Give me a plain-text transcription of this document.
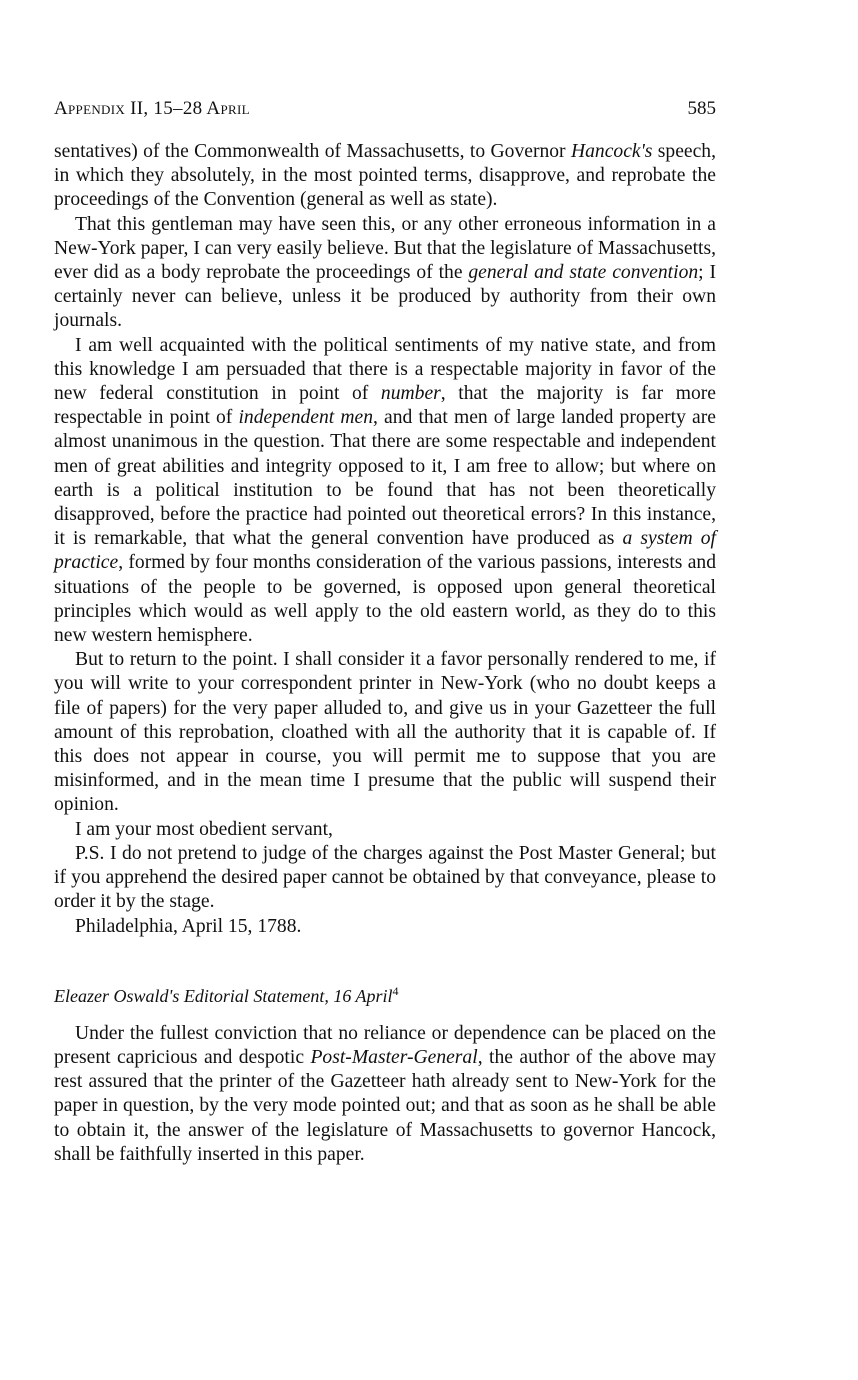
Appendix II, 15–28 April	585

sentatives) of the Commonwealth of Massachusetts, to Governor Hancock's speech, in which they absolutely, in the most pointed terms, disapprove, and reprobate the proceedings of the Convention (general as well as state).

That this gentleman may have seen this, or any other erroneous information in a New-York paper, I can very easily believe. But that the legislature of Massachusetts, ever did as a body reprobate the proceedings of the general and state convention; I certainly never can believe, unless it be produced by authority from their own journals.

I am well acquainted with the political sentiments of my native state, and from this knowledge I am persuaded that there is a respectable majority in favor of the new federal constitution in point of number, that the majority is far more respectable in point of independent men, and that men of large landed property are almost unanimous in the question. That there are some respectable and independent men of great abilities and integrity opposed to it, I am free to allow; but where on earth is a political institution to be found that has not been theoretically disapproved, before the practice had pointed out theoretical errors? In this instance, it is remarkable, that what the general convention have produced as a system of practice, formed by four months consideration of the various passions, interests and situations of the people to be governed, is opposed upon general theoretical principles which would as well apply to the old eastern world, as they do to this new western hemisphere.

But to return to the point. I shall consider it a favor personally rendered to me, if you will write to your correspondent printer in New-York (who no doubt keeps a file of papers) for the very paper alluded to, and give us in your Gazetteer the full amount of this reprobation, cloathed with all the authority that it is capable of. If this does not appear in course, you will permit me to suppose that you are misinformed, and in the mean time I presume that the public will suspend their opinion.

I am your most obedient servant,

P.S. I do not pretend to judge of the charges against the Post Master General; but if you apprehend the desired paper cannot be obtained by that conveyance, please to order it by the stage.

Philadelphia, April 15, 1788.

Eleazer Oswald's Editorial Statement, 16 April$^4$

Under the fullest conviction that no reliance or dependence can be placed on the present capricious and despotic Post-Master-General, the author of the above may rest assured that the printer of the Gazetteer hath already sent to New-York for the paper in question, by the very mode pointed out; and that as soon as he shall be able to obtain it, the answer of the legislature of Massachusetts to governor Hancock, shall be faithfully inserted in this paper.
